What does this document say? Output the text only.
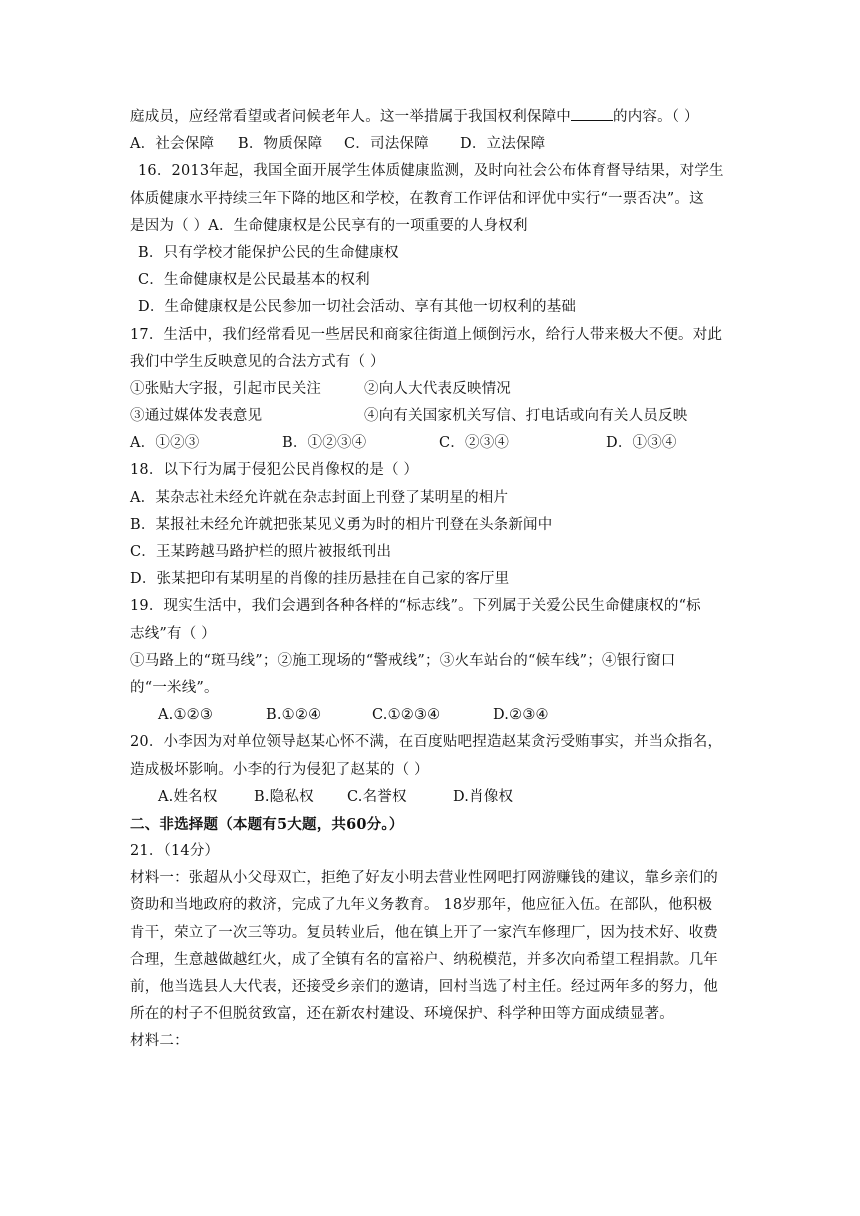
庭成员，应经常看望或者问候老年人。这一举措属于我国权利保障中	的内容。（ ）
A．社会保障	B．物质保障	C．司法保障	D．立法保障
16．2013年起，我国全面开展学生体质健康监测，及时向社会公布体育督导结果，对学生
体质健康水平持续三年下降的地区和学校，在教育工作评估和评优中实行“一票否决”。这
是因为（ ）A．生命健康权是公民享有的一项重要的人身权利
B．只有学校才能保护公民的生命健康权
C．生命健康权是公民最基本的权利
D．生命健康权是公民参加一切社会活动、享有其他一切权利的基础
17．生活中，我们经常看见一些居民和商家往街道上倾倒污水，给行人带来极大不便。对此
我们中学生反映意见的合法方式有（ ）
①张贴大字报，引起市民关注	②向人大代表反映情况
③通过媒体发表意见	④向有关国家机关写信、打电话或向有关人员反映
A．①②③	B．①②③④	C．②③④	D．①③④
18．以下行为属于侵犯公民肖像权的是（ ）
A．某杂志社未经允许就在杂志封面上刊登了某明星的相片
B．某报社未经允许就把张某见义勇为时的相片刊登在头条新闻中
C．王某跨越马路护栏的照片被报纸刊出
D．张某把印有某明星的肖像的挂历悬挂在自己家的客厅里
19．现实生活中，我们会遇到各种各样的“标志线”。下列属于关爱公民生命健康权的“标
志线”有（ ）
①马路上的“斑马线”；②施工现场的“警戒线”；③火车站台的“候车线”；④银行窗口
的“一米线”。
A.①②③	B.①②④	C.①②③④	D.②③④
20．小李因为对单位领导赵某心怀不满，在百度贴吧捏造赵某贪污受贿事实，并当众指名，
造成极坏影响。小李的行为侵犯了赵某的（ ）
A.姓名权	B.隐私权	C.名誉权	D.肖像权
二、非选择题（本题有5大题，共60分。）
21．（14分）
材料一：张超从小父母双亡，拒绝了好友小明去营业性网吧打网游赚钱的建议，靠乡亲们的
资助和当地政府的救济，完成了九年义务教育。 18岁那年，他应征入伍。在部队，他积极
肯干，荣立了一次三等功。复员转业后，他在镇上开了一家汽车修理厂，因为技术好、收费
合理，生意越做越红火，成了全镇有名的富裕户、纳税模范，并多次向希望工程捐款。几年
前，他当选县人大代表，还接受乡亲们的邀请，回村当选了村主任。经过两年多的努力，他
所在的村子不但脱贫致富，还在新农村建设、环境保护、科学种田等方面成绩显著。
材料二：
